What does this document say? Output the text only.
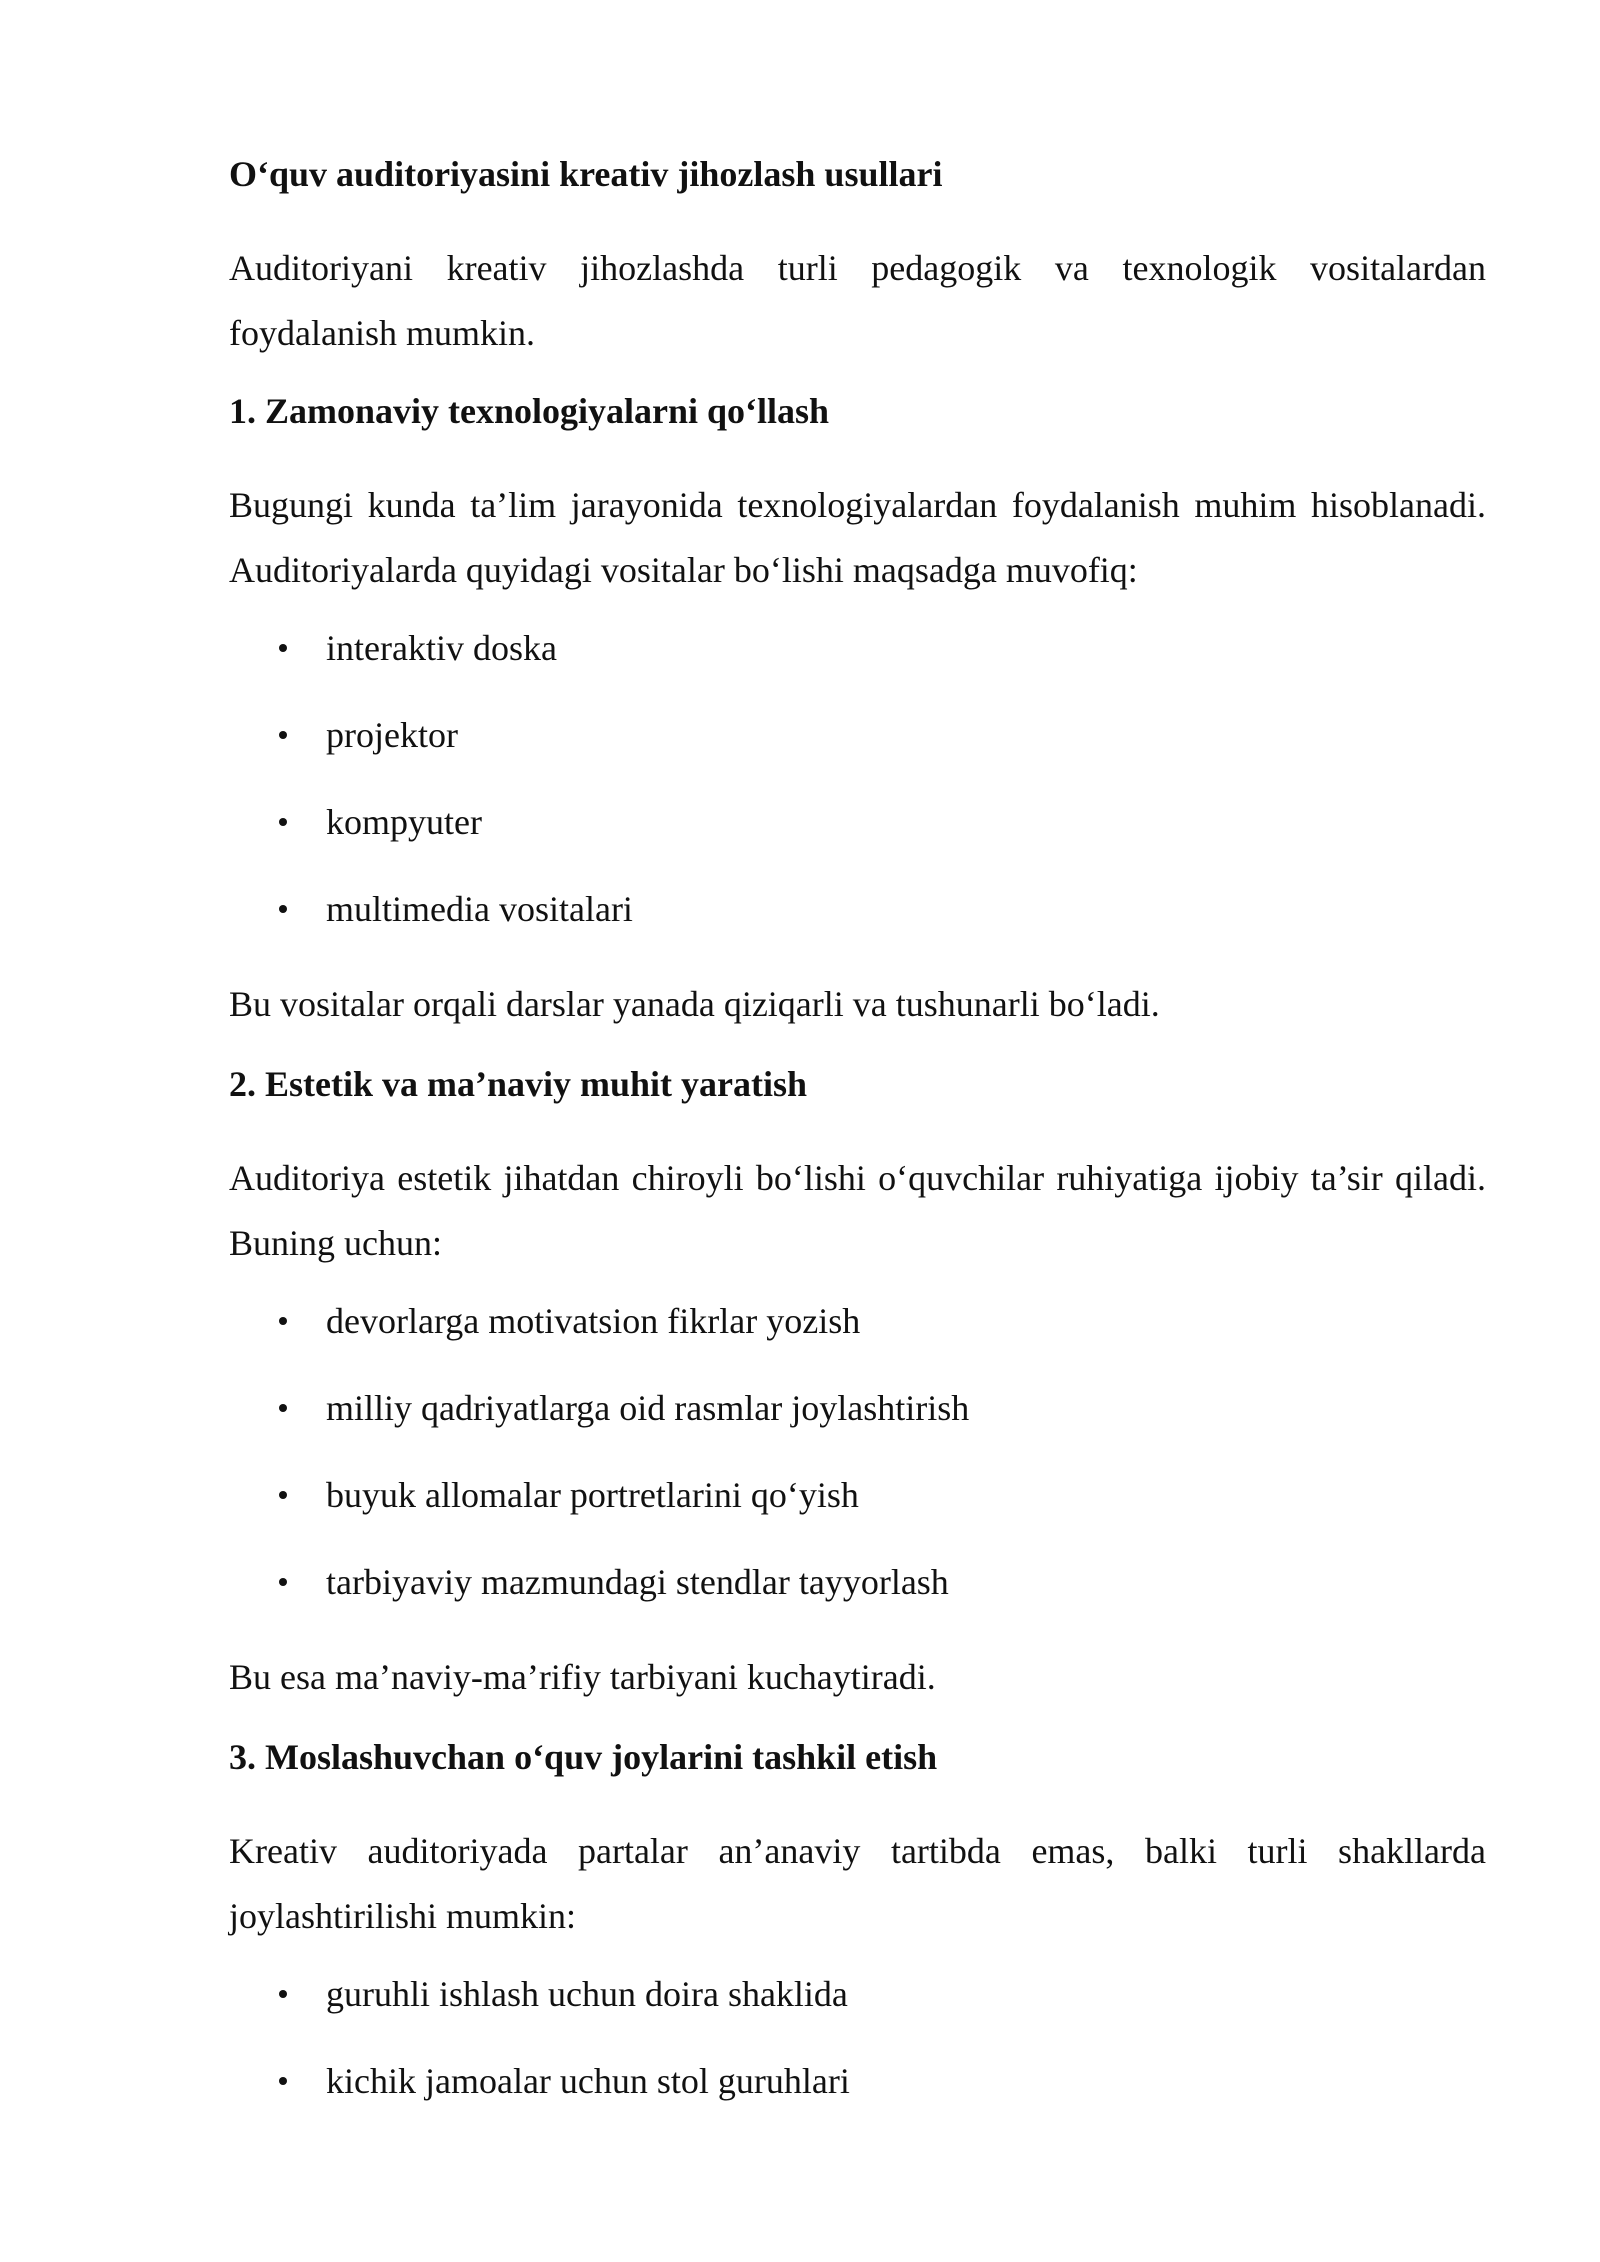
O‘quv auditoriyasini kreativ jihozlash usullari

Auditoriyani kreativ jihozlashda turli pedagogik va texnologik vositalardan foydalanish mumkin.

1. Zamonaviy texnologiyalarni qo‘llash

Bugungi kunda ta’lim jarayonida texnologiyalardan foydalanish muhim hisoblanadi. Auditoriyalarda quyidagi vositalar bo‘lishi maqsadga muvofiq:

interaktiv doska
projektor
kompyuter
multimedia vositalari

Bu vositalar orqali darslar yanada qiziqarli va tushunarli bo‘ladi.

2. Estetik va ma’naviy muhit yaratish

Auditoriya estetik jihatdan chiroyli bo‘lishi o‘quvchilar ruhiyatiga ijobiy ta’sir qiladi. Buning uchun:

devorlarga motivatsion fikrlar yozish
milliy qadriyatlarga oid rasmlar joylashtirish
buyuk allomalar portretlarini qo‘yish
tarbiyaviy mazmundagi stendlar tayyorlash

Bu esa ma’naviy-ma’rifiy tarbiyani kuchaytiradi.

3. Moslashuvchan o‘quv joylarini tashkil etish

Kreativ auditoriyada partalar an’anaviy tartibda emas, balki turli shakllarda joylashtirilishi mumkin:

guruhli ishlash uchun doira shaklida
kichik jamoalar uchun stol guruhlari
